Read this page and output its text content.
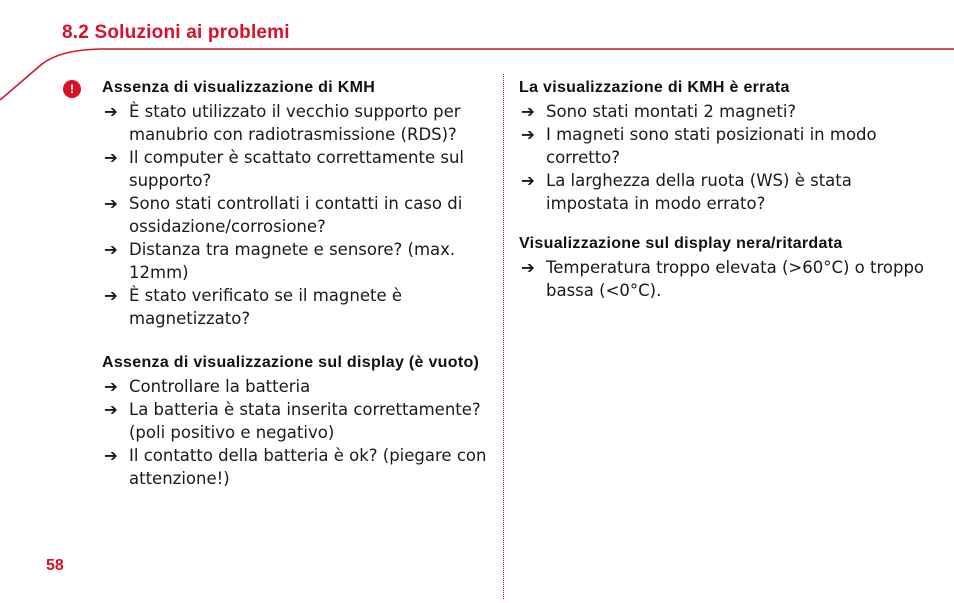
8.2 Soluzioni ai problemi
!	Assenza di visualizzazione di KMH
➔ È stato utilizzato il vecchio supporto per manubrio con radiotrasmissione (RDS)?
➔ Il computer è scattato correttamente sul supporto?
➔ Sono stati controllati i contatti in caso di ossidazione/corrosione?
➔ Distanza tra magnete e sensore? (max. 12mm)
➔ È stato verificato se il magnete è magnetizzato?
Assenza di visualizzazione sul display (è vuoto)
➔ Controllare la batteria
➔ La batteria è stata inserita correttamente? (poli positivo e negativo)
➔ Il contatto della batteria è ok? (piegare con attenzione!)
La visualizzazione di KMH è errata
➔ Sono stati montati 2 magneti?
➔ I magneti sono stati posizionati in modo corretto?
➔ La larghezza della ruota (WS) è stata impostata in modo errato?
Visualizzazione sul display nera/ritardata
➔ Temperatura troppo elevata (>60°C) o troppo bassa (<0°C).
58
